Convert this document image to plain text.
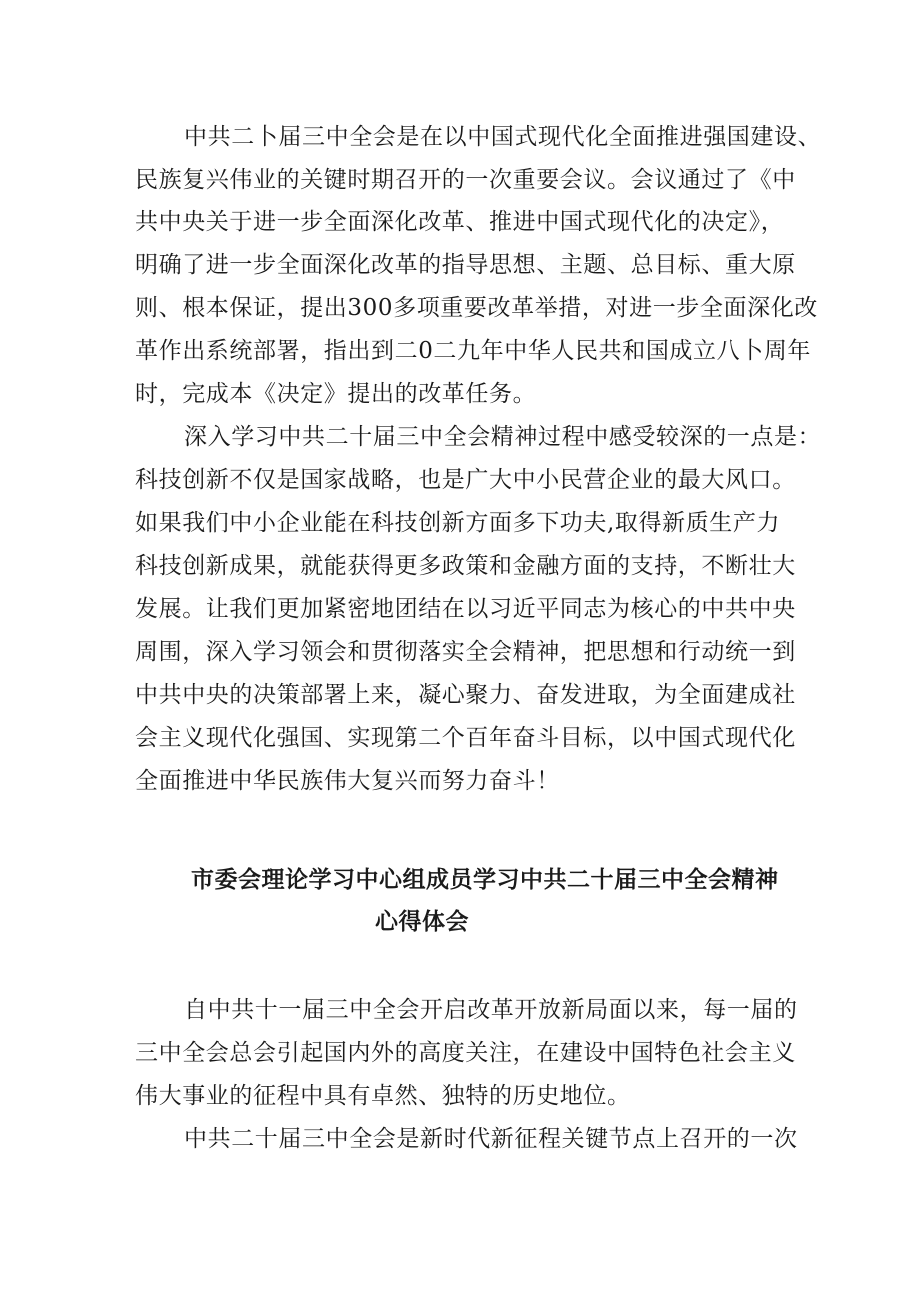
中共二卜届三中全会是在以中国式现代化全面推进强国建设、
民族复兴伟业的关键时期召开的一次重要会议。会议通过了《中
共中央关于进一步全面深化改革、推进中国式现代化的决定》，
明确了进一步全面深化改革的指导思想、主题、总目标、重大原
则、根本保证，提出300多项重要改革举措，对进一步全面深化改
革作出系统部署，指出到二0二九年中华人民共和国成立八卜周年
时，完成本《决定》提出的改革任务。
深入学习中共二十届三中全会精神过程中感受较深的一点是：
科技创新不仅是国家战略，也是广大中小民营企业的最大风口。
如果我们中小企业能在科技创新方面多下功夫,取得新质生产力
科技创新成果，就能获得更多政策和金融方面的支持，不断壮大
发展。让我们更加紧密地团结在以习近平同志为核心的中共中央
周围，深入学习领会和贯彻落实全会精神，把思想和行动统一到
中共中央的决策部署上来，凝心聚力、奋发进取，为全面建成社
会主义现代化强国、实现第二个百年奋斗目标，以中国式现代化
全面推进中华民族伟大复兴而努力奋斗！
市委会理论学习中心组成员学习中共二十届三中全会精神
心得体会
自中共十一届三中全会开启改革开放新局面以来，每一届的
三中全会总会引起国内外的高度关注，在建设中国特色社会主义
伟大事业的征程中具有卓然、独特的历史地位。
中共二十届三中全会是新时代新征程关键节点上召开的一次
